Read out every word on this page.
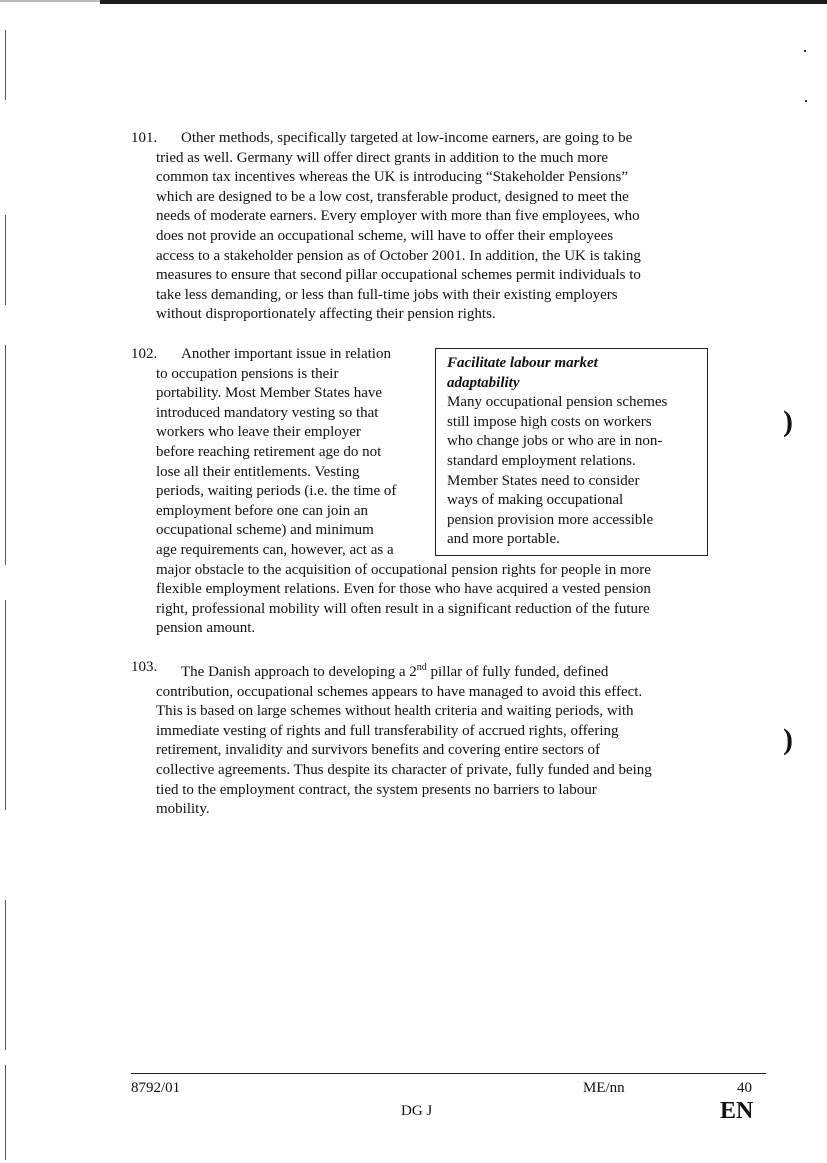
101.	Other methods, specifically targeted at low-income earners, are going to be
tried as well. Germany will offer direct grants in addition to the much more
common tax incentives whereas the UK is introducing “Stakeholder Pensions”
which are designed to be a low cost, transferable product, designed to meet the
needs of moderate earners. Every employer with more than five employees, who
does not provide an occupational scheme, will have to offer their employees
access to a stakeholder pension as of October 2001. In addition, the UK is taking
measures to ensure that second pillar occupational schemes permit individuals to
take less demanding, or less than full-time jobs with their existing employers
without disproportionately affecting their pension rights.
102.	Another important issue in relation
to occupation pensions is their
portability. Most Member States have
introduced mandatory vesting so that
workers who leave their employer
before reaching retirement age do not
lose all their entitlements. Vesting
periods, waiting periods (i.e. the time of
employment before one can join an
occupational scheme) and minimum
age requirements can, however, act as a
major obstacle to the acquisition of occupational pension rights for people in more
flexible employment relations. Even for those who have acquired a vested pension
right, professional mobility will often result in a significant reduction of the future
pension amount.
Facilitate labour market
adaptability
Many occupational pension schemes
still impose high costs on workers
who change jobs or who are in non-
standard employment relations.
Member States need to consider
ways of making occupational
pension provision more accessible
and more portable.
103.	The Danish approach to developing a 2nd pillar of fully funded, defined
contribution, occupational schemes appears to have managed to avoid this effect.
This is based on large schemes without health criteria and waiting periods, with
immediate vesting of rights and full transferability of accrued rights, offering
retirement, invalidity and survivors benefits and covering entire sectors of
collective agreements. Thus despite its character of private, fully funded and being
tied to the employment contract, the system presents no barriers to labour
mobility.
)
)
8792/01	ME/nn	40
DG J	EN
